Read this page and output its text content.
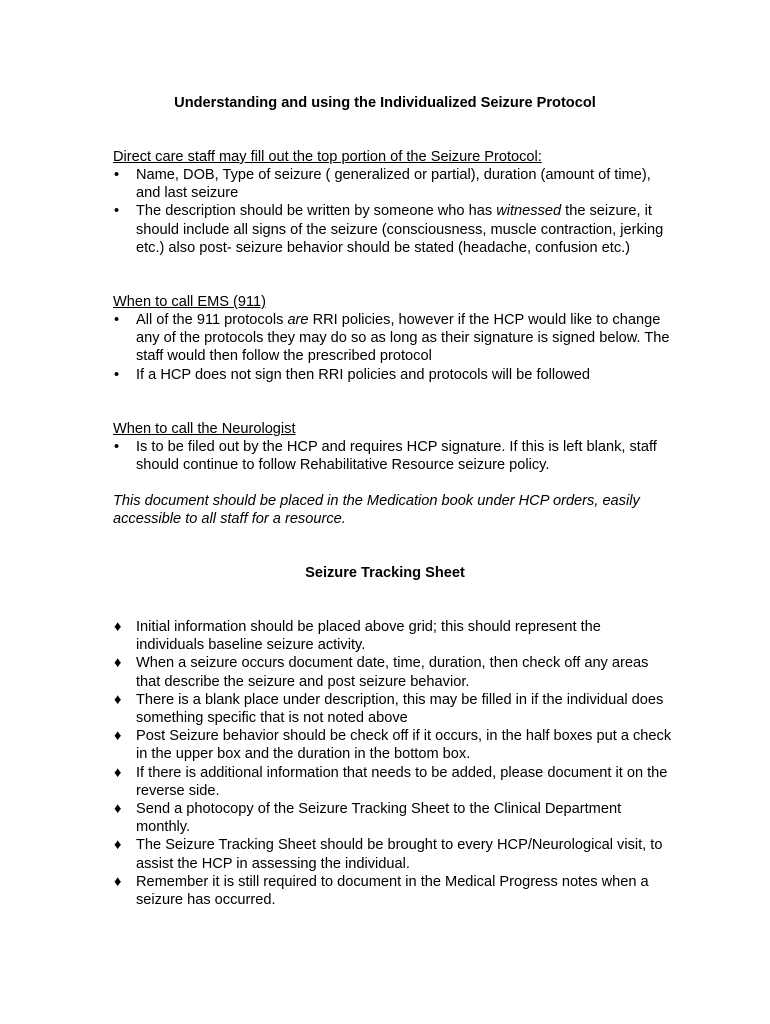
Understanding and using the Individualized Seizure Protocol
Direct care staff may fill out the top portion of the Seizure Protocol:
•	Name, DOB, Type of seizure ( generalized or partial), duration (amount of time), and last seizure
•	The description should be written by someone who has witnessed the seizure, it should include all signs of the seizure (consciousness, muscle contraction, jerking etc.) also post- seizure behavior should be stated (headache, confusion etc.)
When to call EMS (911)
•	All of the 911 protocols are RRI policies, however if the HCP would like to change any of the protocols they may do so as long as their signature is signed below. The staff would then follow the prescribed protocol
•	If a HCP does not sign then RRI policies and protocols will be followed
When to call the Neurologist
•	Is to be filed out by the HCP and requires HCP signature. If this is left blank, staff should continue to follow Rehabilitative Resource seizure policy.
This document should be placed in the Medication book under HCP orders, easily accessible to all staff for a resource.
Seizure Tracking Sheet
♦ Initial information should be placed above grid; this should represent the individuals baseline seizure activity.
♦ When a seizure occurs document date, time, duration, then check off any areas that describe the seizure and post seizure behavior.
♦ There is a blank place under description, this may be filled in if the individual does something specific that is not noted above
♦ Post Seizure behavior should be check off if it occurs, in the half boxes put a check in the upper box and the duration in the bottom box.
♦ If there is additional information that needs to be added, please document it on the reverse side.
♦ Send a photocopy of the Seizure Tracking Sheet to the Clinical Department monthly.
♦ The Seizure Tracking Sheet should be brought to every HCP/Neurological visit, to assist the HCP in assessing the individual.
♦ Remember it is still required to document in the Medical Progress notes when a seizure has occurred.
